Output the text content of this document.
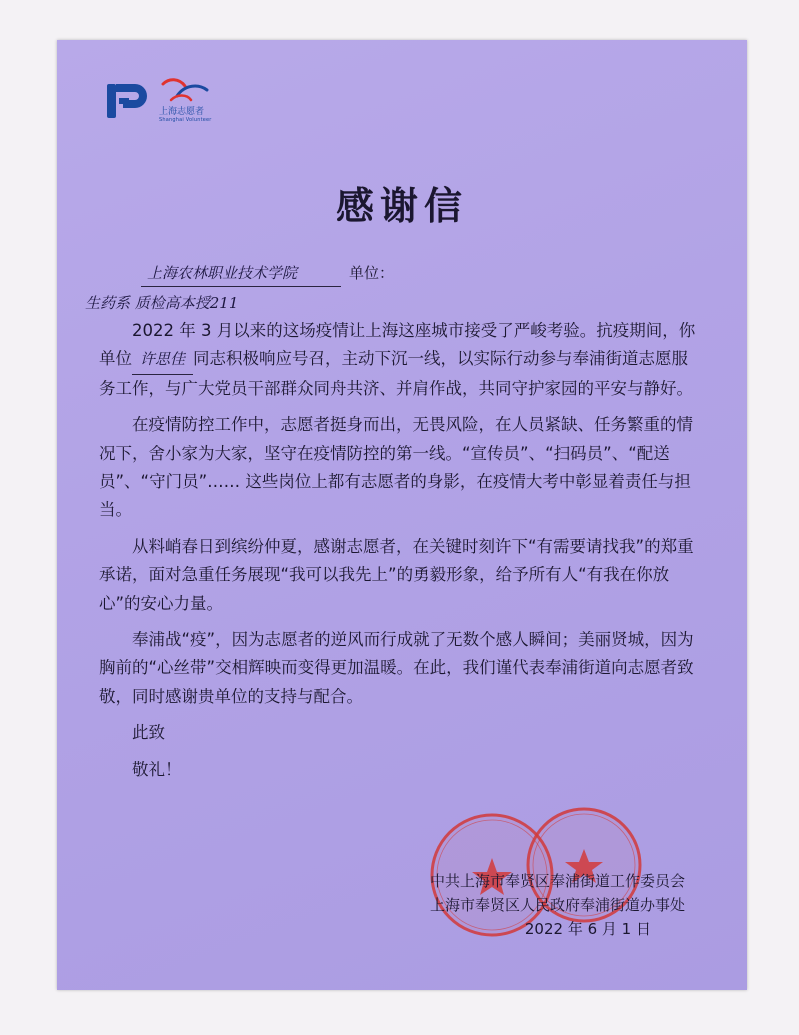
上海志愿者
Shanghai Volunteer
感谢信
上海农林职业技术学院	单位：
生药系 质检高本授211

2022 年 3 月以来的这场疫情让上海这座城市接受了严峻考验。抗疫期间，你单位 许思佳 同志积极响应号召，主动下沉一线，以实际行动参与奉浦街道志愿服务工作，与广大党员干部群众同舟共济、并肩作战，共同守护家园的平安与静好。

在疫情防控工作中，志愿者挺身而出，无畏风险，在人员紧缺、任务繁重的情况下，舍小家为大家，坚守在疫情防控的第一线。“宣传员”、“扫码员”、“配送员”、“守门员”…… 这些岗位上都有志愿者的身影，在疫情大考中彰显着责任与担当。

从料峭春日到缤纷仲夏，感谢志愿者，在关键时刻许下“有需要请找我”的郑重承诺，面对急重任务展现“我可以我先上”的勇毅形象，给予所有人“有我在你放心”的安心力量。

奉浦战“疫”，因为志愿者的逆风而行成就了无数个感人瞬间；美丽贤城，因为胸前的“心丝带”交相辉映而变得更加温暖。在此，我们谨代表奉浦街道向志愿者致敬，同时感谢贵单位的支持与配合。

此致

敬礼！

中共上海市奉贤区奉浦街道工作委员会
上海市奉贤区人民政府奉浦街道办事处
2022 年 6 月 1 日
